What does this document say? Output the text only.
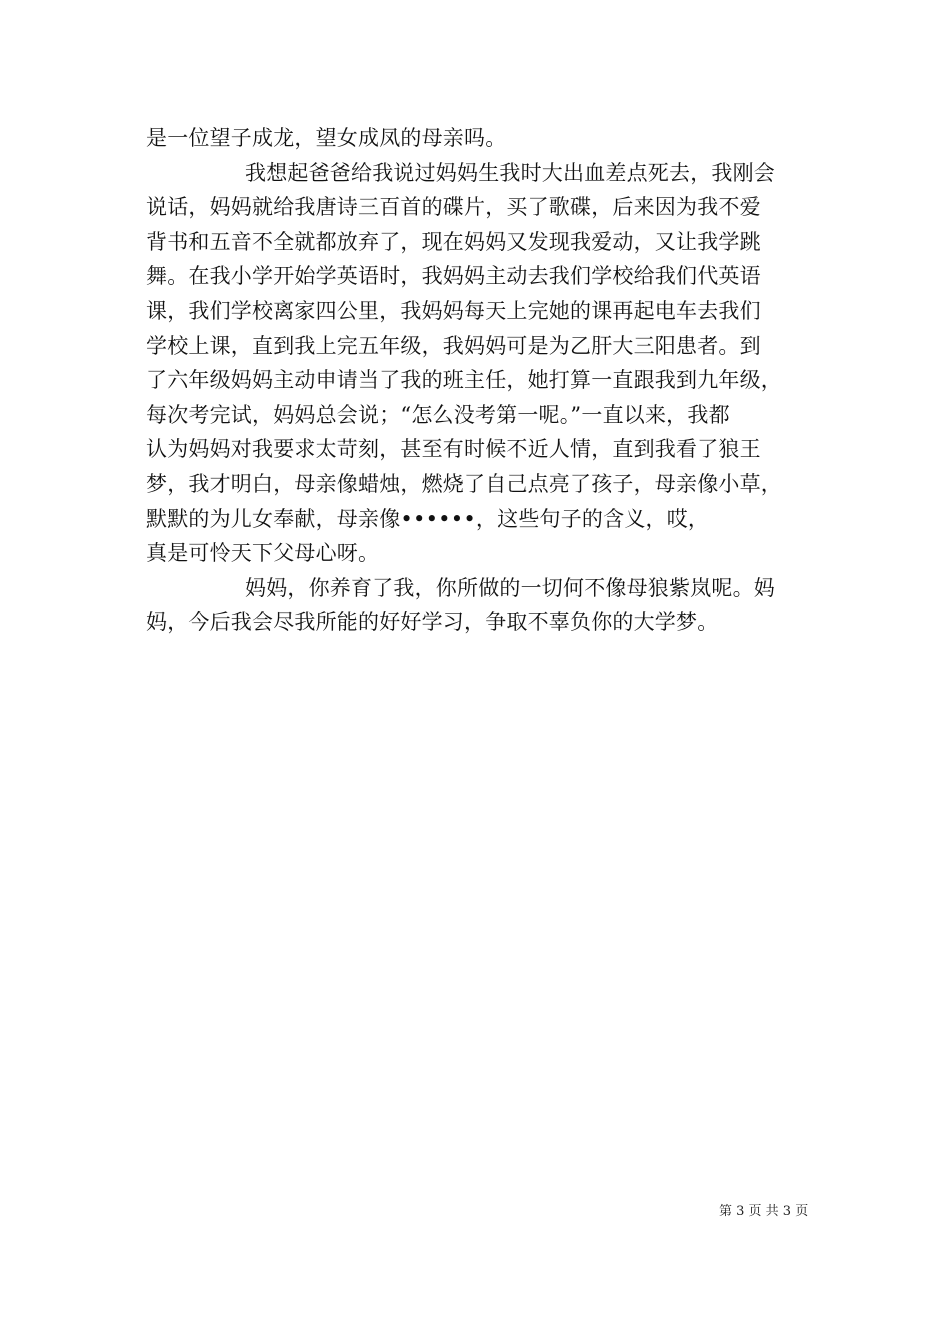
是一位望子成龙，望女成凤的母亲吗。
我想起爸爸给我说过妈妈生我时大出血差点死去，我刚会
说话，妈妈就给我唐诗三百首的碟片，买了歌碟，后来因为我不爱
背书和五音不全就都放弃了，现在妈妈又发现我爱动，又让我学跳
舞。在我小学开始学英语时，我妈妈主动去我们学校给我们代英语
课，我们学校离家四公里，我妈妈每天上完她的课再起电车去我们
学校上课，直到我上完五年级，我妈妈可是为乙肝大三阳患者。到
了六年级妈妈主动申请当了我的班主任，她打算一直跟我到九年级，
每次考完试，妈妈总会说；“怎么没考第一呢。”一直以来，我都
认为妈妈对我要求太苛刻，甚至有时候不近人情，直到我看了狼王
梦，我才明白，母亲像蜡烛，燃烧了自己点亮了孩子，母亲像小草，
默默的为儿女奉献，母亲像••••••，这些句子的含义，哎，
真是可怜天下父母心呀。
妈妈，你养育了我，你所做的一切何不像母狼紫岚呢。妈
妈，今后我会尽我所能的好好学习，争取不辜负你的大学梦。
第 3 页 共 3 页
